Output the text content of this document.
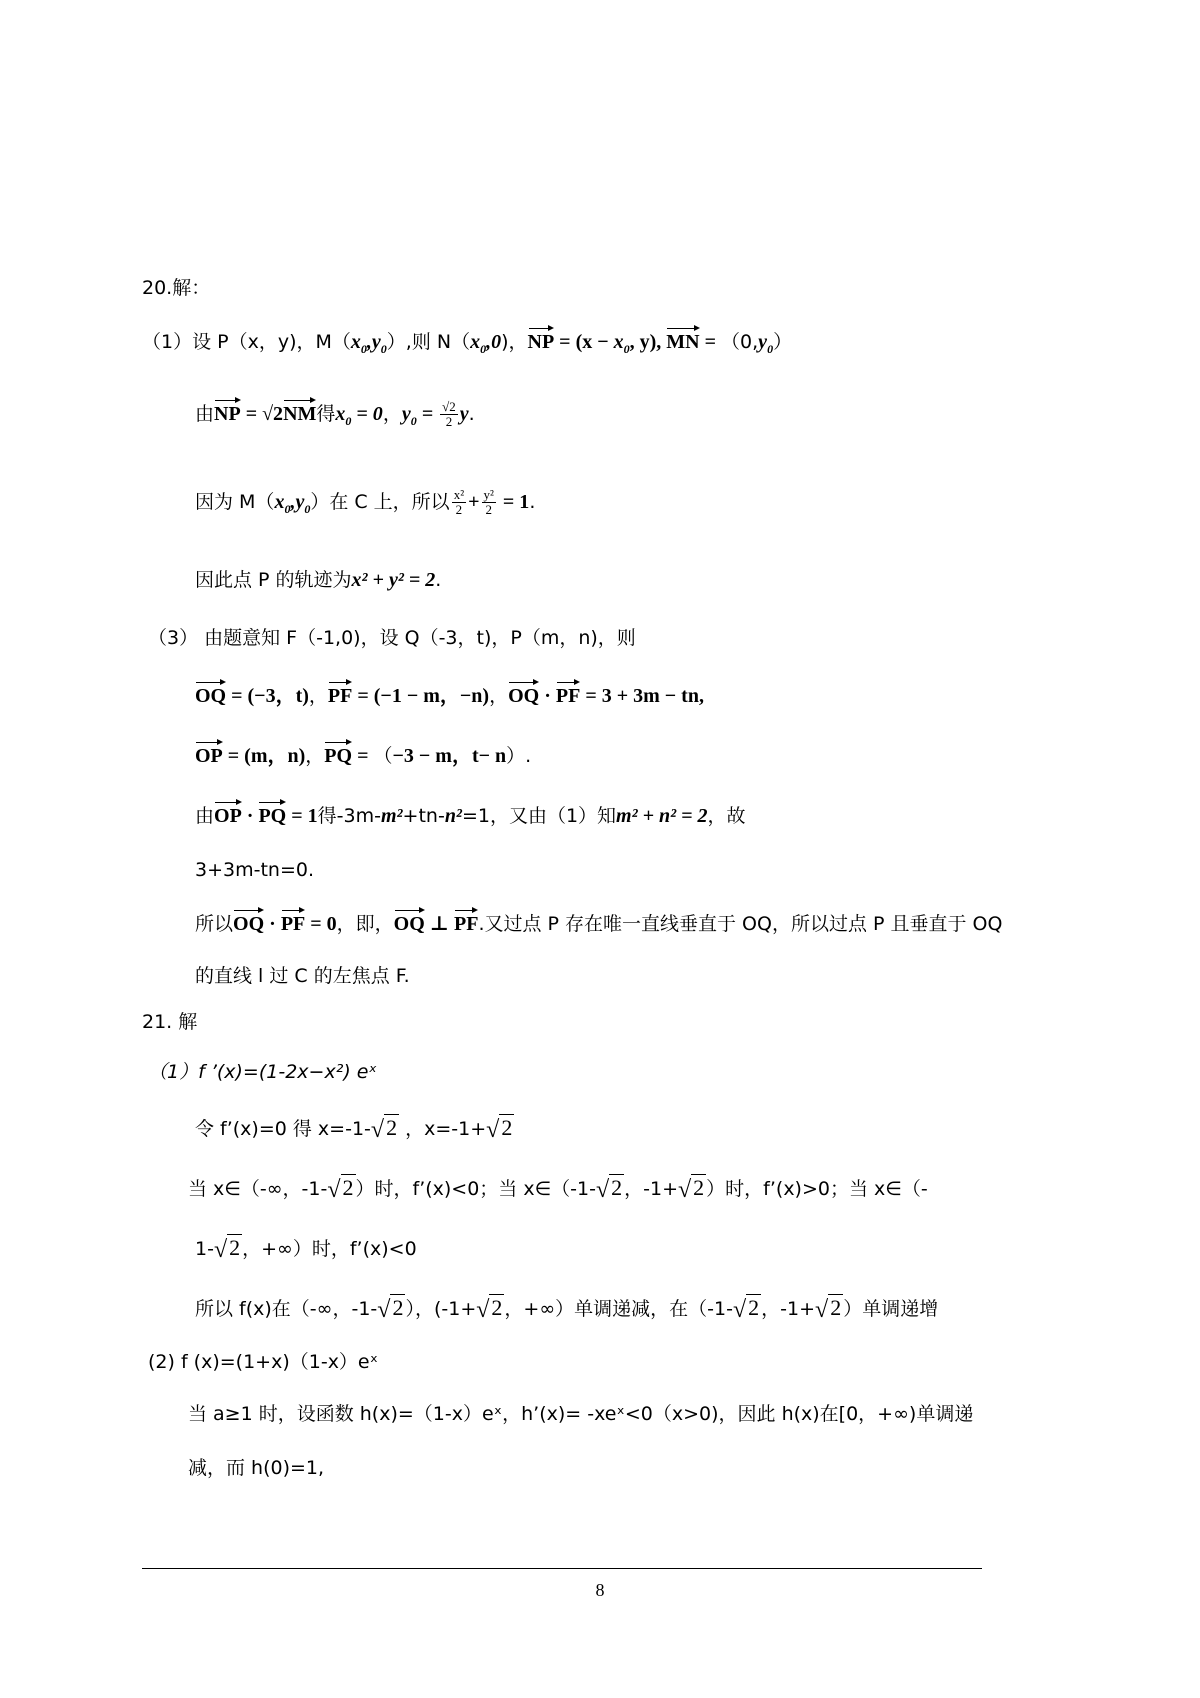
20.解：
（1）设 P（x，y)，$M(x_0,y_0)$,则 $N(x_0,0)$，NP = ($x - x_0$, y), MN = $(0,y_0)$
由NP = √2NM得$x_0 = 0$，$y_0 = \frac{√2}{2} y$.
因为 $M(x_0,y_0)$在 C 上，所以 $\frac{\text{x²}}{2} + \frac{\text{y²}}{2} = 1$.
因此点 P 的轨迹为x² + y² = 2.
（3） 由题意知 F（-1,0)，设 Q（-3，t)，P（m，n)，则
OQ = (−3，t)，PF = (−1 − m，−n)，OQ · PF = 3 + 3m − tn,
OP = (m，n)，PQ = （−3 − m，t− n）.
由OP · PQ = 1得-3m-m²+tn-n²=1，又由（1）知m² + n² = 2，故
3+3m-tn=0.
所以OQ · PF = 0，即，OQ ⊥ PF.又过点 P 存在唯一直线垂直于 OQ，所以过点 P 且垂直于 OQ
的直线 l 过 C 的左焦点 F.
21. 解
（1）f ’(x)=(1-2x−x²) eˣ
令 f’(x)=0 得 x=-1-√2 ，x=-1+√2
当 x∈（-∞，-1-√2 ）时，f’(x)<0；当 x∈（-1-√2 ，-1+√2 ）时，f’(x)>0；当 x∈（-
1-√2 ，+∞）时，f’(x)<0
所以 f(x)在（-∞，-1-√2 ），(-1+√2 ，+∞）单调递减，在（-1-√2 ，-1+√2 ）单调递增
(2) f (x)=(1+x)（1-x）eˣ
当 a≥1 时，设函数 h(x)=（1-x）eˣ，h’(x)= -xeˣ<0（x>0)，因此 h(x)在[0，+∞)单调递
减，而 h(0)=1,
8
